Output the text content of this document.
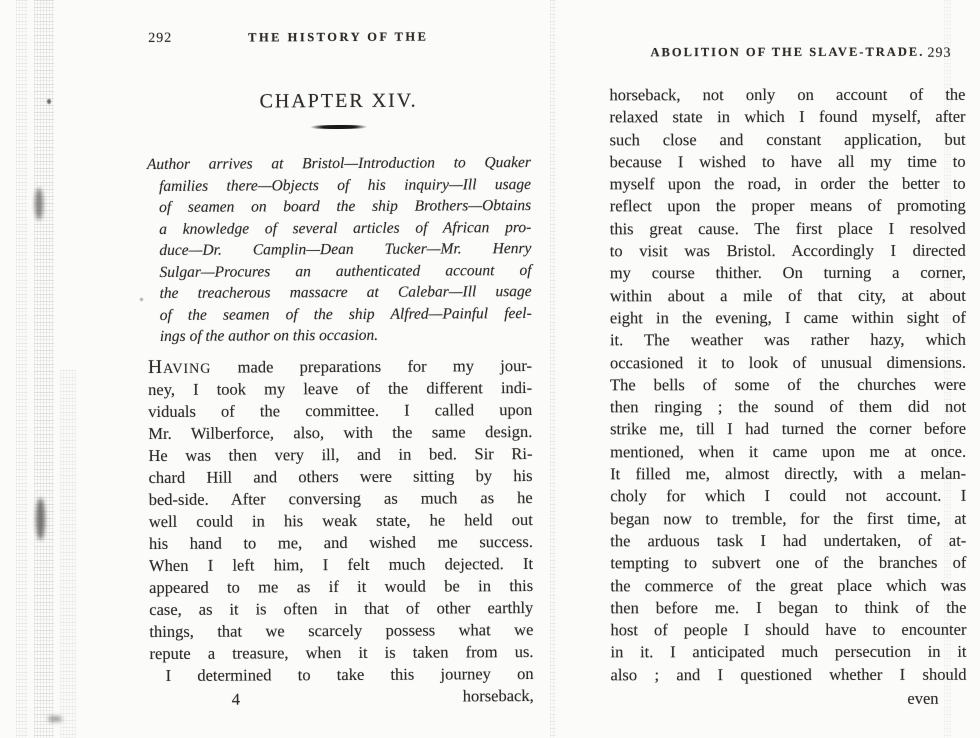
292	THE HISTORY OF THE
CHAPTER XIV.
Author arrives at Bristol—Introduction to Quaker
families there—Objects of his inquiry—Ill usage
of seamen on board the ship Brothers—Obtains
a knowledge of several articles of African pro-
duce—Dr. Camplin—Dean Tucker—Mr. Henry
Sulgar—Procures an authenticated account of
the treacherous massacre at Calebar—Ill usage
of the seamen of the ship Alfred—Painful feel-
ings of the author on this occasion.
Having made preparations for my jour-
ney, I took my leave of the different indi-
viduals of the committee. I called upon
Mr. Wilberforce, also, with the same design.
He was then very ill, and in bed. Sir Ri-
chard Hill and others were sitting by his
bed-side. After conversing as much as he
well could in his weak state, he held out
his hand to me, and wished me success.
When I left him, I felt much dejected. It
appeared to me as if it would be in this
case, as it is often in that of other earthly
things, that we scarcely possess what we
repute a treasure, when it is taken from us.
I determined to take this journey on
4	horseback,
ABOLITION OF THE SLAVE-TRADE. 293
horseback, not only on account of the
relaxed state in which I found myself, after
such close and constant application, but
because I wished to have all my time to
myself upon the road, in order the better to
reflect upon the proper means of promoting
this great cause. The first place I resolved
to visit was Bristol. Accordingly I directed
my course thither. On turning a corner,
within about a mile of that city, at about
eight in the evening, I came within sight of
it. The weather was rather hazy, which
occasioned it to look of unusual dimensions.
The bells of some of the churches were
then ringing ; the sound of them did not
strike me, till I had turned the corner before
mentioned, when it came upon me at once.
It filled me, almost directly, with a melan-
choly for which I could not account. I
began now to tremble, for the first time, at
the arduous task I had undertaken, of at-
tempting to subvert one of the branches of
the commerce of the great place which was
then before me. I began to think of the
host of people I should have to encounter
in it. I anticipated much persecution in it
also ; and I questioned whether I should
even
